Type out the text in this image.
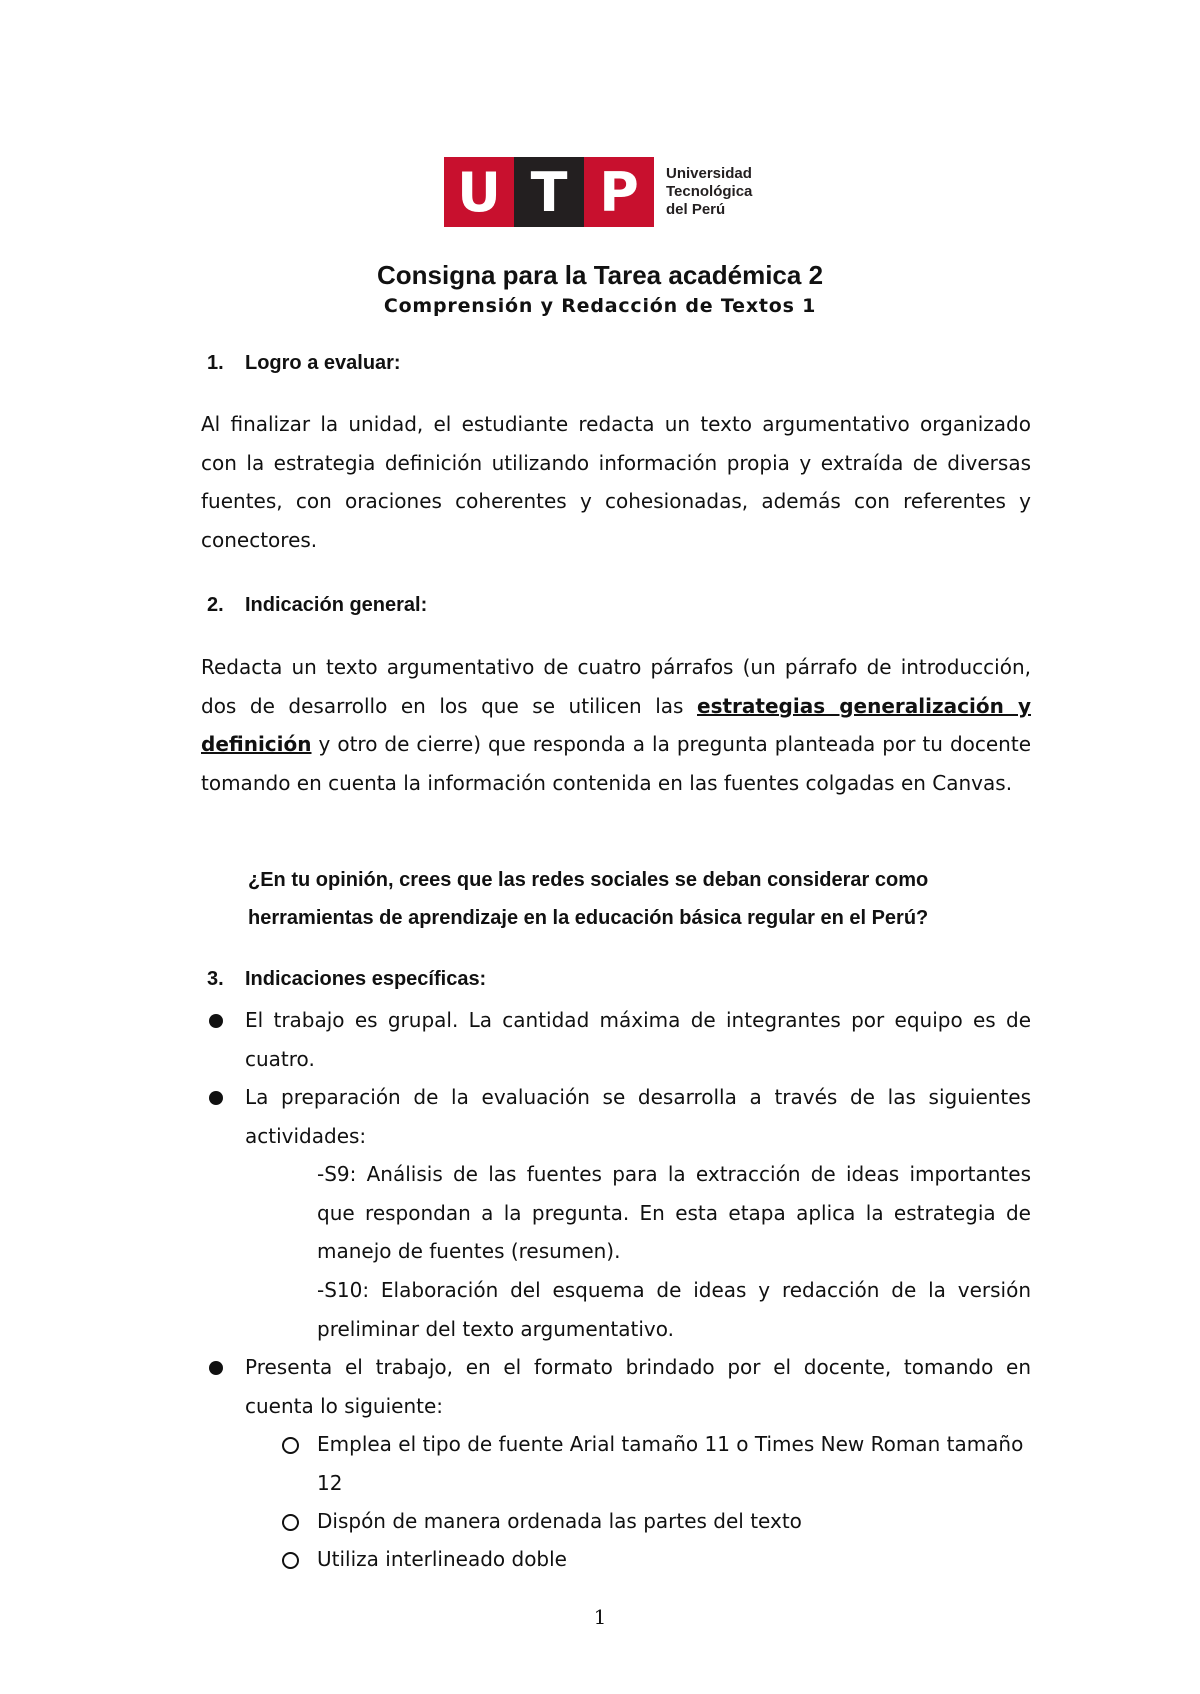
U T P	Universidad
Tecnológica
del Perú
Consigna para la Tarea académica 2
Comprensión y Redacción de Textos 1
1. Logro a evaluar:
Al finalizar la unidad, el estudiante redacta un texto argumentativo organizado con la estrategia definición utilizando información propia y extraída de diversas fuentes, con oraciones coherentes y cohesionadas, además con referentes y conectores.
2. Indicación general:
Redacta un texto argumentativo de cuatro párrafos (un párrafo de introducción, dos de desarrollo en los que se utilicen las estrategias generalización y definición y otro de cierre) que responda a la pregunta planteada por tu docente tomando en cuenta la información contenida en las fuentes colgadas en Canvas.
¿En tu opinión, crees que las redes sociales se deban considerar como herramientas de aprendizaje en la educación básica regular en el Perú?
3. Indicaciones específicas:
El trabajo es grupal. La cantidad máxima de integrantes por equipo es de cuatro.
La preparación de la evaluación se desarrolla a través de las siguientes actividades:
-S9: Análisis de las fuentes para la extracción de ideas importantes que respondan a la pregunta. En esta etapa aplica la estrategia de manejo de fuentes (resumen).
-S10: Elaboración del esquema de ideas y redacción de la versión preliminar del texto argumentativo.
Presenta el trabajo, en el formato brindado por el docente, tomando en cuenta lo siguiente:
Emplea el tipo de fuente Arial tamaño 11 o Times New Roman tamaño 12
Dispón de manera ordenada las partes del texto
Utiliza interlineado doble
1
